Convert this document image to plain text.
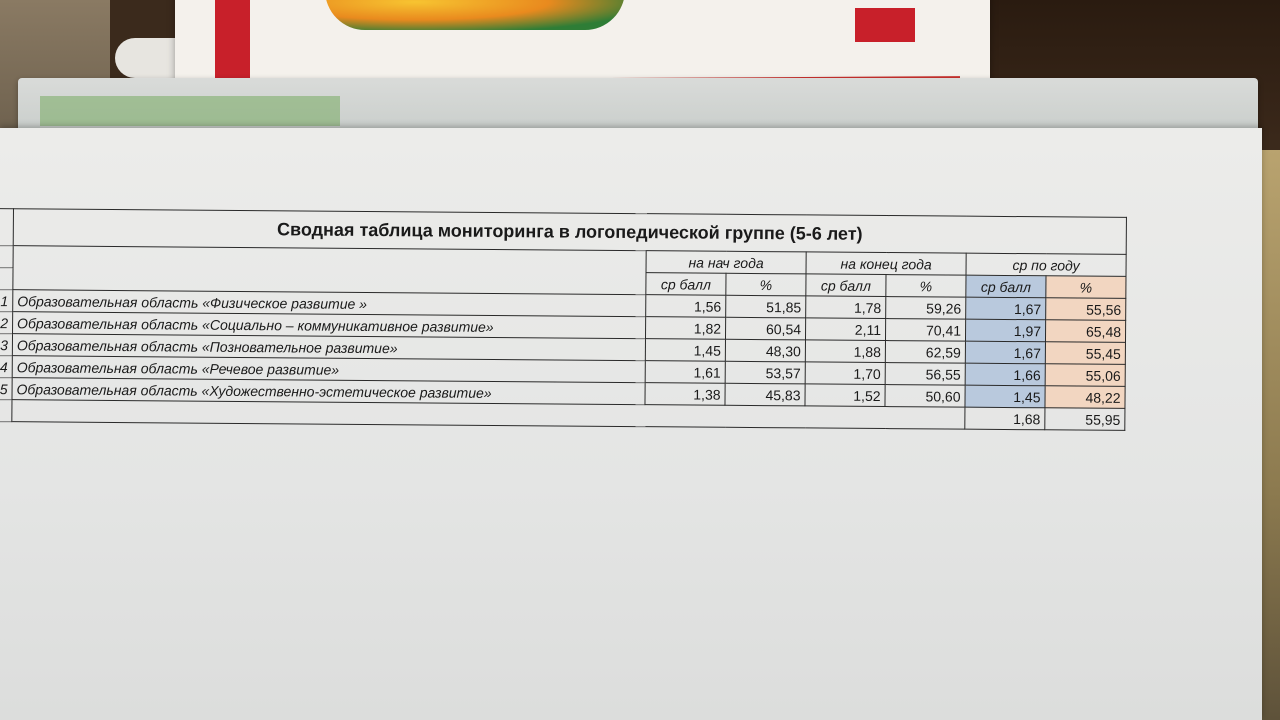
	Сводная таблица мониторинга в логопедической группе (5-6 лет)						
		на нач года		на конец года		ср по году	
		ср балл	%	ср балл	%	ср балл	%
1	Образовательная область «Физическое развитие »	1,56	51,85	1,78	59,26	1,67	55,56
2	Образовательная область «Социально – коммуникативное развитие»	1,82	60,54	2,11	70,41	1,97	65,48
3	Образовательная область «Позновательное развитие»	1,45	48,30	1,88	62,59	1,67	55,45
4	Образовательная область «Речевое развитие»	1,61	53,57	1,70	56,55	1,66	55,06
5	Образовательная область «Художественно-эстетическое развитие»	1,38	45,83	1,52	50,60	1,45	48,22
						1,68	55,95
